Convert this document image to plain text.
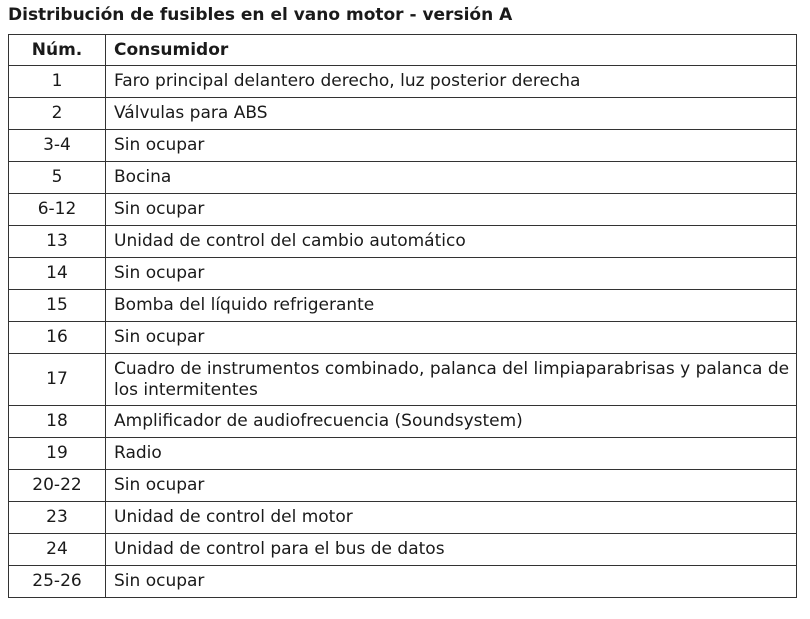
Distribución de fusibles en el vano motor - versión A
Núm.	Consumidor
1	Faro principal delantero derecho, luz posterior derecha
2	Válvulas para ABS
3-4	Sin ocupar
5	Bocina
6-12	Sin ocupar
13	Unidad de control del cambio automático
14	Sin ocupar
15	Bomba del líquido refrigerante
16	Sin ocupar
17	Cuadro de instrumentos combinado, palanca del limpiaparabrisas y palanca de los intermitentes
18	Amplificador de audiofrecuencia (Soundsystem)
19	Radio
20-22	Sin ocupar
23	Unidad de control del motor
24	Unidad de control para el bus de datos
25-26	Sin ocupar
